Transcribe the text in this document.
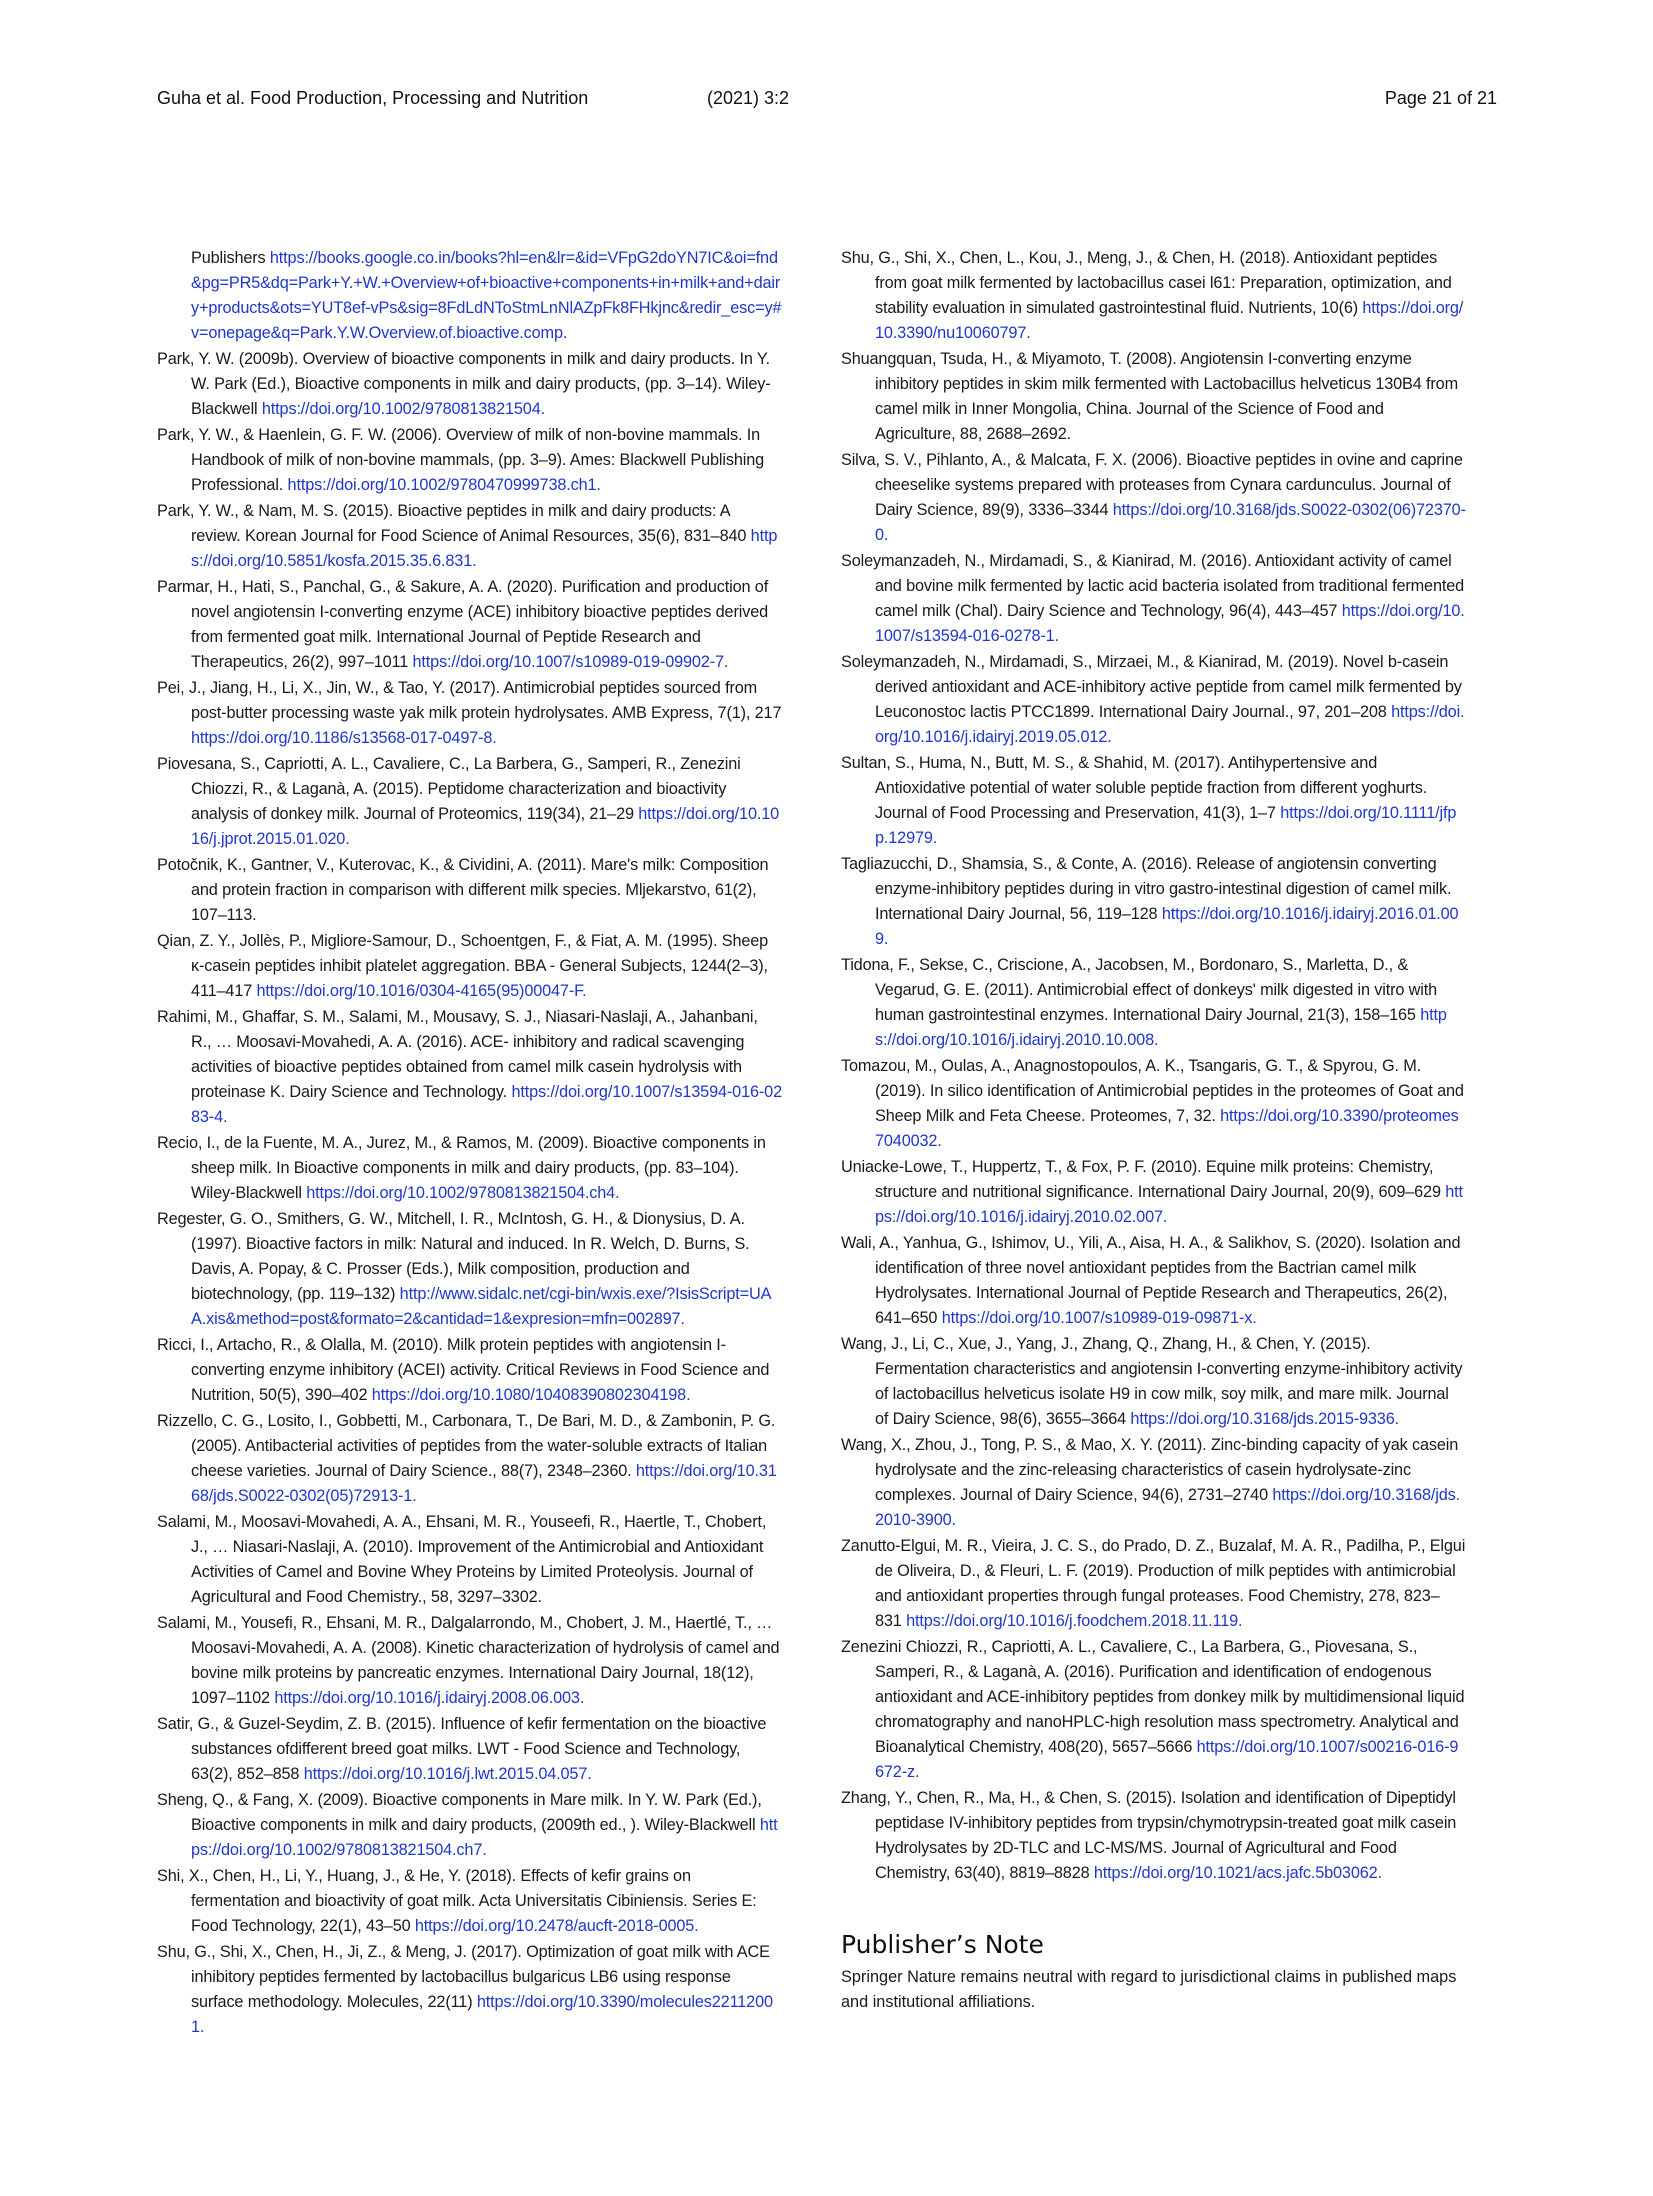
Guha et al. Food Production, Processing and Nutrition	(2021) 3:2	Page 21 of 21

Publishers https://books.google.co.in/books?hl=en&lr=&id=VFpG2doYN7IC&oi=fnd&pg=PR5&dq=Park+Y.+W.+Overview+of+bioactive+components+in+milk+and+dairy+products&ots=YUT8ef-vPs&sig=8FdLdNToStmLnNlAZpFk8FHkjnc&redir_esc=y#v=onepage&q=Park.Y.W.Overview.of.bioactive.comp.

Park, Y. W. (2009b). Overview of bioactive components in milk and dairy products. In Y. W. Park (Ed.), Bioactive components in milk and dairy products, (pp. 3–14). Wiley-Blackwell https://doi.org/10.1002/9780813821504.

Park, Y. W., & Haenlein, G. F. W. (2006). Overview of milk of non-bovine mammals. In Handbook of milk of non-bovine mammals, (pp. 3–9). Ames: Blackwell Publishing Professional. https://doi.org/10.1002/9780470999738.ch1.

Park, Y. W., & Nam, M. S. (2015). Bioactive peptides in milk and dairy products: A review. Korean Journal for Food Science of Animal Resources, 35(6), 831–840 https://doi.org/10.5851/kosfa.2015.35.6.831.

Parmar, H., Hati, S., Panchal, G., & Sakure, A. A. (2020). Purification and production of novel angiotensin I-converting enzyme (ACE) inhibitory bioactive peptides derived from fermented goat milk. International Journal of Peptide Research and Therapeutics, 26(2), 997–1011 https://doi.org/10.1007/s10989-019-09902-7.

Pei, J., Jiang, H., Li, X., Jin, W., & Tao, Y. (2017). Antimicrobial peptides sourced from post-butter processing waste yak milk protein hydrolysates. AMB Express, 7(1), 217 https://doi.org/10.1186/s13568-017-0497-8.

Piovesana, S., Capriotti, A. L., Cavaliere, C., La Barbera, G., Samperi, R., Zenezini Chiozzi, R., & Laganà, A. (2015). Peptidome characterization and bioactivity analysis of donkey milk. Journal of Proteomics, 119(34), 21–29 https://doi.org/10.1016/j.jprot.2015.01.020.

Potočnik, K., Gantner, V., Kuterovac, K., & Cividini, A. (2011). Mare's milk: Composition and protein fraction in comparison with different milk species. Mljekarstvo, 61(2), 107–113.

Qian, Z. Y., Jollès, P., Migliore-Samour, D., Schoentgen, F., & Fiat, A. M. (1995). Sheep κ-casein peptides inhibit platelet aggregation. BBA - General Subjects, 1244(2–3), 411–417 https://doi.org/10.1016/0304-4165(95)00047-F.

Rahimi, M., Ghaffar, S. M., Salami, M., Mousavy, S. J., Niasari-Naslaji, A., Jahanbani, R., … Moosavi-Movahedi, A. A. (2016). ACE- inhibitory and radical scavenging activities of bioactive peptides obtained from camel milk casein hydrolysis with proteinase K. Dairy Science and Technology. https://doi.org/10.1007/s13594-016-0283-4.

Recio, I., de la Fuente, M. A., Jurez, M., & Ramos, M. (2009). Bioactive components in sheep milk. In Bioactive components in milk and dairy products, (pp. 83–104). Wiley-Blackwell https://doi.org/10.1002/9780813821504.ch4.

Regester, G. O., Smithers, G. W., Mitchell, I. R., McIntosh, G. H., & Dionysius, D. A. (1997). Bioactive factors in milk: Natural and induced. In R. Welch, D. Burns, S. Davis, A. Popay, & C. Prosser (Eds.), Milk composition, production and biotechnology, (pp. 119–132) http://www.sidalc.net/cgi-bin/wxis.exe/?IsisScript=UAA.xis&method=post&formato=2&cantidad=1&expresion=mfn=002897.

Ricci, I., Artacho, R., & Olalla, M. (2010). Milk protein peptides with angiotensin I-converting enzyme inhibitory (ACEI) activity. Critical Reviews in Food Science and Nutrition, 50(5), 390–402 https://doi.org/10.1080/10408390802304198.

Rizzello, C. G., Losito, I., Gobbetti, M., Carbonara, T., De Bari, M. D., & Zambonin, P. G. (2005). Antibacterial activities of peptides from the water-soluble extracts of Italian cheese varieties. Journal of Dairy Science., 88(7), 2348–2360. https://doi.org/10.3168/jds.S0022-0302(05)72913-1.

Salami, M., Moosavi-Movahedi, A. A., Ehsani, M. R., Youseefi, R., Haertle, T., Chobert, J., … Niasari-Naslaji, A. (2010). Improvement of the Antimicrobial and Antioxidant Activities of Camel and Bovine Whey Proteins by Limited Proteolysis. Journal of Agricultural and Food Chemistry., 58, 3297–3302.

Salami, M., Yousefi, R., Ehsani, M. R., Dalgalarrondo, M., Chobert, J. M., Haertlé, T., … Moosavi-Movahedi, A. A. (2008). Kinetic characterization of hydrolysis of camel and bovine milk proteins by pancreatic enzymes. International Dairy Journal, 18(12), 1097–1102 https://doi.org/10.1016/j.idairyj.2008.06.003.

Satir, G., & Guzel-Seydim, Z. B. (2015). Influence of kefir fermentation on the bioactive substances ofdifferent breed goat milks. LWT - Food Science and Technology, 63(2), 852–858 https://doi.org/10.1016/j.lwt.2015.04.057.

Sheng, Q., & Fang, X. (2009). Bioactive components in Mare milk. In Y. W. Park (Ed.), Bioactive components in milk and dairy products, (2009th ed., ). Wiley-Blackwell https://doi.org/10.1002/9780813821504.ch7.

Shi, X., Chen, H., Li, Y., Huang, J., & He, Y. (2018). Effects of kefir grains on fermentation and bioactivity of goat milk. Acta Universitatis Cibiniensis. Series E: Food Technology, 22(1), 43–50 https://doi.org/10.2478/aucft-2018-0005.

Shu, G., Shi, X., Chen, H., Ji, Z., & Meng, J. (2017). Optimization of goat milk with ACE inhibitory peptides fermented by lactobacillus bulgaricus LB6 using response surface methodology. Molecules, 22(11) https://doi.org/10.3390/molecules22112001.

Shu, G., Shi, X., Chen, L., Kou, J., Meng, J., & Chen, H. (2018). Antioxidant peptides from goat milk fermented by lactobacillus casei l61: Preparation, optimization, and stability evaluation in simulated gastrointestinal fluid. Nutrients, 10(6) https://doi.org/10.3390/nu10060797.

Shuangquan, Tsuda, H., & Miyamoto, T. (2008). Angiotensin I-converting enzyme inhibitory peptides in skim milk fermented with Lactobacillus helveticus 130B4 from camel milk in Inner Mongolia, China. Journal of the Science of Food and Agriculture, 88, 2688–2692.

Silva, S. V., Pihlanto, A., & Malcata, F. X. (2006). Bioactive peptides in ovine and caprine cheeselike systems prepared with proteases from Cynara cardunculus. Journal of Dairy Science, 89(9), 3336–3344 https://doi.org/10.3168/jds.S0022-0302(06)72370-0.

Soleymanzadeh, N., Mirdamadi, S., & Kianirad, M. (2016). Antioxidant activity of camel and bovine milk fermented by lactic acid bacteria isolated from traditional fermented camel milk (Chal). Dairy Science and Technology, 96(4), 443–457 https://doi.org/10.1007/s13594-016-0278-1.

Soleymanzadeh, N., Mirdamadi, S., Mirzaei, M., & Kianirad, M. (2019). Novel b-casein derived antioxidant and ACE-inhibitory active peptide from camel milk fermented by Leuconostoc lactis PTCC1899. International Dairy Journal., 97, 201–208 https://doi.org/10.1016/j.idairyj.2019.05.012.

Sultan, S., Huma, N., Butt, M. S., & Shahid, M. (2017). Antihypertensive and Antioxidative potential of water soluble peptide fraction from different yoghurts. Journal of Food Processing and Preservation, 41(3), 1–7 https://doi.org/10.1111/jfpp.12979.

Tagliazucchi, D., Shamsia, S., & Conte, A. (2016). Release of angiotensin converting enzyme-inhibitory peptides during in vitro gastro-intestinal digestion of camel milk. International Dairy Journal, 56, 119–128 https://doi.org/10.1016/j.idairyj.2016.01.009.

Tidona, F., Sekse, C., Criscione, A., Jacobsen, M., Bordonaro, S., Marletta, D., & Vegarud, G. E. (2011). Antimicrobial effect of donkeys' milk digested in vitro with human gastrointestinal enzymes. International Dairy Journal, 21(3), 158–165 https://doi.org/10.1016/j.idairyj.2010.10.008.

Tomazou, M., Oulas, A., Anagnostopoulos, A. K., Tsangaris, G. T., & Spyrou, G. M. (2019). In silico identification of Antimicrobial peptides in the proteomes of Goat and Sheep Milk and Feta Cheese. Proteomes, 7, 32. https://doi.org/10.3390/proteomes7040032.

Uniacke-Lowe, T., Huppertz, T., & Fox, P. F. (2010). Equine milk proteins: Chemistry, structure and nutritional significance. International Dairy Journal, 20(9), 609–629 https://doi.org/10.1016/j.idairyj.2010.02.007.

Wali, A., Yanhua, G., Ishimov, U., Yili, A., Aisa, H. A., & Salikhov, S. (2020). Isolation and identification of three novel antioxidant peptides from the Bactrian camel milk Hydrolysates. International Journal of Peptide Research and Therapeutics, 26(2), 641–650 https://doi.org/10.1007/s10989-019-09871-x.

Wang, J., Li, C., Xue, J., Yang, J., Zhang, Q., Zhang, H., & Chen, Y. (2015). Fermentation characteristics and angiotensin I-converting enzyme-inhibitory activity of lactobacillus helveticus isolate H9 in cow milk, soy milk, and mare milk. Journal of Dairy Science, 98(6), 3655–3664 https://doi.org/10.3168/jds.2015-9336.

Wang, X., Zhou, J., Tong, P. S., & Mao, X. Y. (2011). Zinc-binding capacity of yak casein hydrolysate and the zinc-releasing characteristics of casein hydrolysate-zinc complexes. Journal of Dairy Science, 94(6), 2731–2740 https://doi.org/10.3168/jds.2010-3900.

Zanutto-Elgui, M. R., Vieira, J. C. S., do Prado, D. Z., Buzalaf, M. A. R., Padilha, P., Elgui de Oliveira, D., & Fleuri, L. F. (2019). Production of milk peptides with antimicrobial and antioxidant properties through fungal proteases. Food Chemistry, 278, 823–831 https://doi.org/10.1016/j.foodchem.2018.11.119.

Zenezini Chiozzi, R., Capriotti, A. L., Cavaliere, C., La Barbera, G., Piovesana, S., Samperi, R., & Laganà, A. (2016). Purification and identification of endogenous antioxidant and ACE-inhibitory peptides from donkey milk by multidimensional liquid chromatography and nanoHPLC-high resolution mass spectrometry. Analytical and Bioanalytical Chemistry, 408(20), 5657–5666 https://doi.org/10.1007/s00216-016-9672-z.

Zhang, Y., Chen, R., Ma, H., & Chen, S. (2015). Isolation and identification of Dipeptidyl peptidase IV-inhibitory peptides from trypsin/chymotrypsin-treated goat milk casein Hydrolysates by 2D-TLC and LC-MS/MS. Journal of Agricultural and Food Chemistry, 63(40), 8819–8828 https://doi.org/10.1021/acs.jafc.5b03062.

Publisher’s Note

Springer Nature remains neutral with regard to jurisdictional claims in published maps and institutional affiliations.
